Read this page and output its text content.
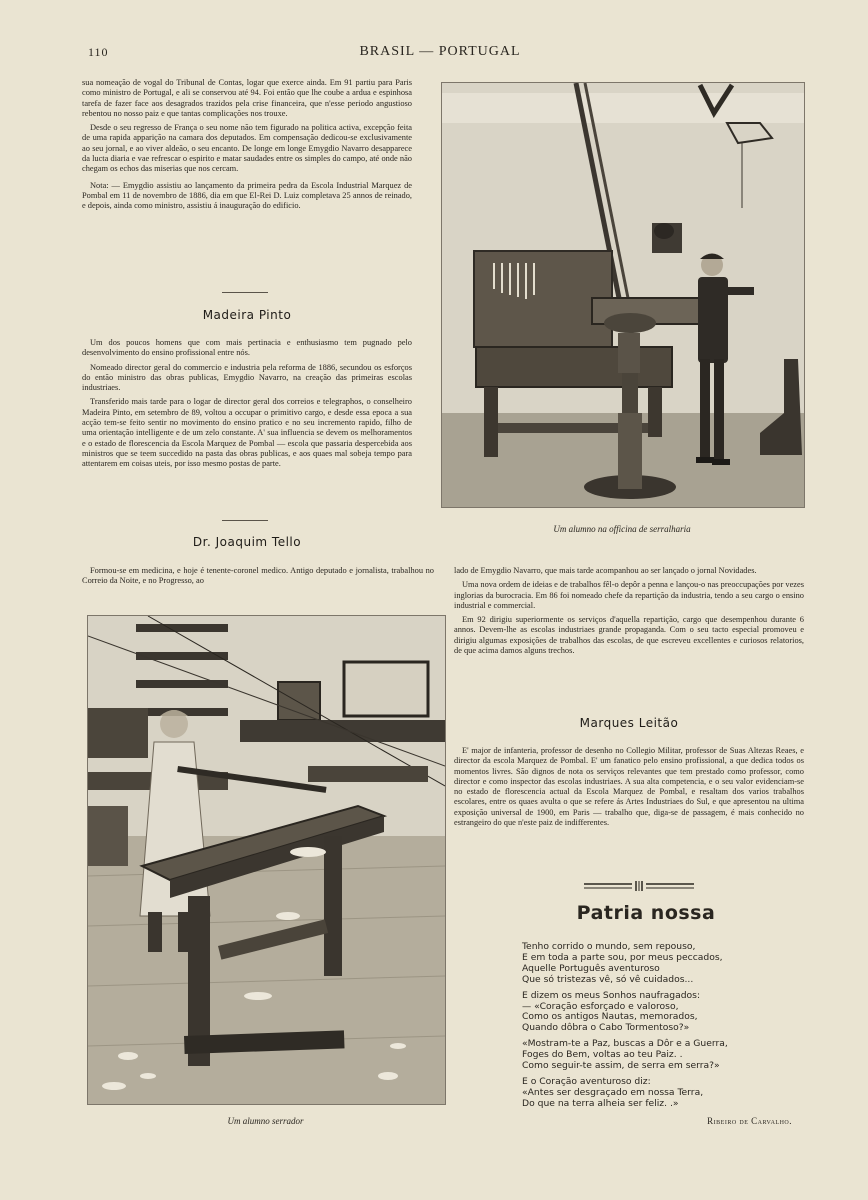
110	BRASIL — PORTUGAL

sua nomeação de vogal do Tribunal de Contas, logar que exerce ainda. Em 91 partiu para Paris como ministro de Portugal, e ali se conservou até 94. Foi então que lhe coube a ardua e espinhosa tarefa de fazer face aos desagrados trazidos pela crise financeira, que n'esse periodo angustioso rebentou no nosso paiz e que tantas complicações nos trouxe.

Desde o seu regresso de França o seu nome não tem figurado na politica activa, excepção feita de uma rapida apparição na camara dos deputados. Em compensação dedicou-se exclusivamente ao seu jornal, e ao viver aldeão, o seu encanto. De longe em longe Emygdio Navarro desapparece da lucta diaria e vae refrescar o espirito e matar saudades entre os simples do campo, até onde não chegam os echos das miserias que nos cercam.

Nota: — Emygdio assistiu ao lançamento da primeira pedra da Escola Industrial Marquez de Pombal em 11 de novembro de 1886, dia em que El-Rei D. Luiz completava 25 annos de reinado, e depois, ainda como ministro, assistiu á inauguração do edificio.

Madeira Pinto

Um dos poucos homens que com mais pertinacia e enthusiasmo tem pugnado pelo desenvolvimento do ensino profissional entre nós.

Nomeado director geral do commercio e industria pela reforma de 1886, secundou os esforços do então ministro das obras publicas, Emygdio Navarro, na creação das primeiras escolas industriaes.

Transferido mais tarde para o logar de director geral dos correios e telegraphos, o conselheiro Madeira Pinto, em setembro de 89, voltou a occupar o primitivo cargo, e desde essa epoca a sua acção tem-se feito sentir no movimento do ensino pratico e no seu incremento rapido, filho de uma orientação intelligente e de um zelo constante. A' sua influencia se devem os melhoramentos e o estado de florescencia da Escola Marquez de Pombal — escola que passaria despercebida aos ministros que se teem succedido na pasta das obras publicas, e aos quaes mal sobeja tempo para attentarem em coisas uteis, por isso mesmo postas de parte.

Dr. Joaquim Tello

Formou-se em medicina, e hoje é tenente-coronel medico. Antigo deputado e jornalista, trabalhou no Correio da Noite, e no Progresso, ao

Um alumno na officina de serralharia

lado de Emygdio Navarro, que mais tarde acompanhou ao ser lançado o jornal Novidades.

Uma nova ordem de ideias e de trabalhos fêl-o depôr a penna e lançou-o nas preoccupações por vezes inglorias da burocracia. Em 86 foi nomeado chefe da repartição da industria, tendo a seu cargo o ensino industrial e commercial.

Em 92 dirigiu superiormente os serviços d'aquella repartição, cargo que desempenhou durante 6 annos. Devem-lhe as escolas industriaes grande propaganda. Com o seu tacto especial promoveu e dirigiu algumas exposições de trabalhos das escolas, de que escreveu excellentes e curiosos relatorios, de que acima damos alguns trechos.

Marques Leitão

E' major de infanteria, professor de desenho no Collegio Militar, professor de Suas Altezas Reaes, e director da escola Marquez de Pombal. E' um fanatico pelo ensino profissional, a que dedica todos os momentos livres. São dignos de nota os serviços relevantes que tem prestado como professor, como director e como inspector das escolas industriaes. A sua alta competencia, e o seu valor evidenciam-se no estado de florescencia actual da Escola Marquez de Pombal, e resaltam dos varios trabalhos escolares, entre os quaes avulta o que se refere ás Artes Industriaes do Sul, e que apresentou na ultima exposição universal de 1900, em Paris — trabalho que, diga-se de passagem, é mais conhecido no estrangeiro do que n'este paiz de indifferentes.

Um alumno serrador
Patria nossa
Tenho corrido o mundo, sem repouso,
E em toda a parte sou, por meus peccados,
Aquelle Português aventuroso
Que só tristezas vê, só vê cuidados...
E dizem os meus Sonhos naufragados:
— «Coração esforçado e valoroso,
Como os antigos Nautas, memorados,
Quando dôbra o Cabo Tormentoso?»
«Mostram-te a Paz, buscas a Dôr e a Guerra,
Foges do Bem, voltas ao teu Paiz. .
Como seguir-te assim, de serra em serra?»
E o Coração aventuroso diz:
«Antes ser desgraçado em nossa Terra,
Do que na terra alheia ser feliz. .»
Ribeiro de Carvalho.
